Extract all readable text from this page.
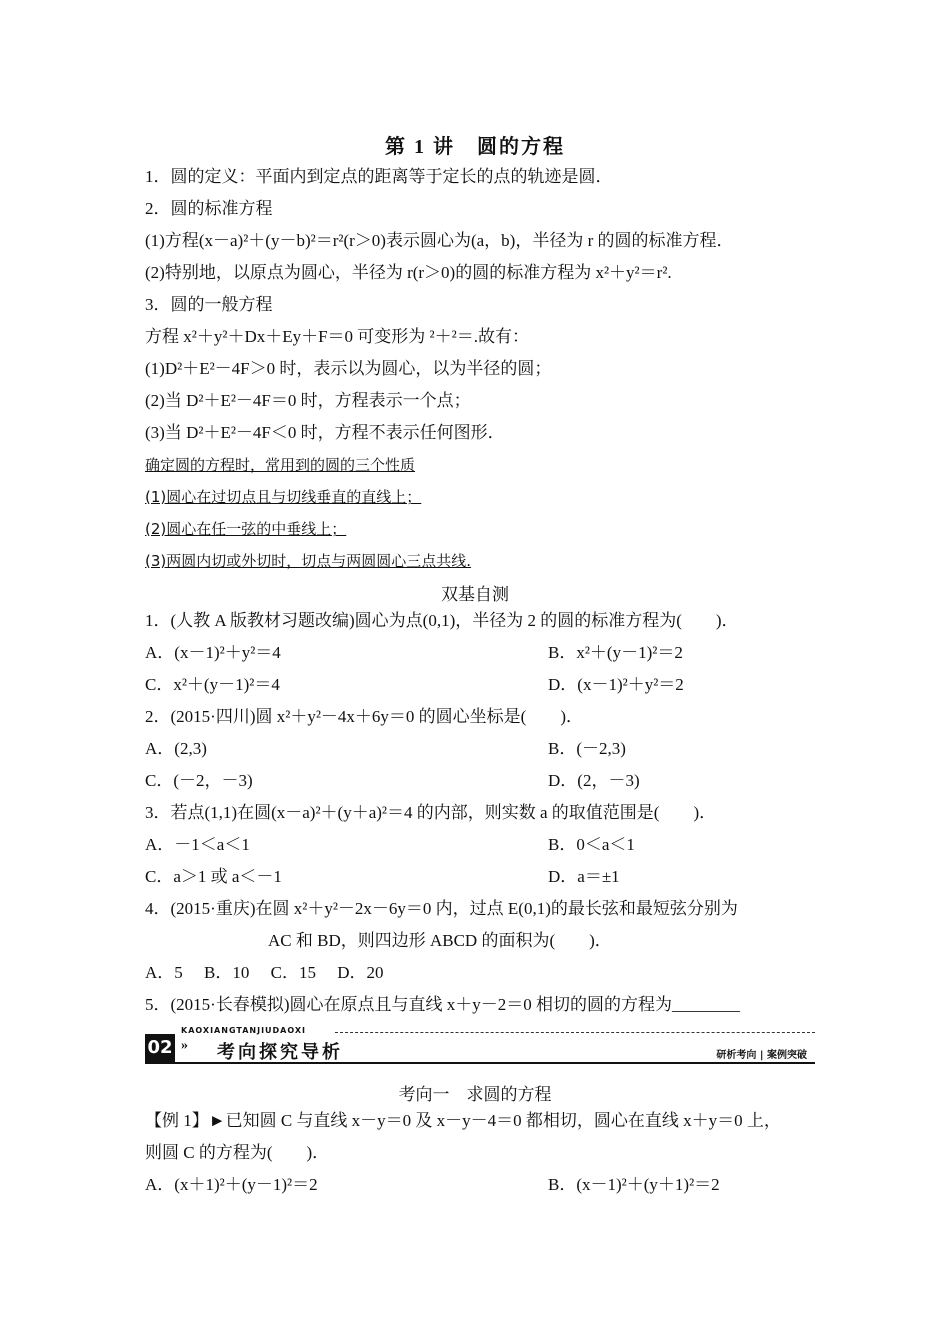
第 1 讲　圆的方程
1．圆的定义：平面内到定点的距离等于定长的点的轨迹是圆．
2．圆的标准方程
(1)方程(x－a)²＋(y－b)²＝r²(r＞0)表示圆心为(a，b)，半径为 r 的圆的标准方程．
(2)特别地，以原点为圆心，半径为 r(r＞0)的圆的标准方程为 x²＋y²＝r².
3．圆的一般方程
方程 x²＋y²＋Dx＋Ey＋F＝0 可变形为 ²＋²＝.故有：
(1)D²＋E²－4F＞0 时，表示以为圆心，以为半径的圆；
(2)当 D²＋E²－4F＝0 时，方程表示一个点；
(3)当 D²＋E²－4F＜0 时，方程不表示任何图形．
确定圆的方程时，常用到的圆的三个性质
(1)圆心在过切点且与切线垂直的直线上；
(2)圆心在任一弦的中垂线上；
(3)两圆内切或外切时，切点与两圆圆心三点共线.
双基自测
1．(人教 A 版教材习题改编)圆心为点(0,1)，半径为 2 的圆的标准方程为(　　)．
A．(x－1)²＋y²＝4	B．x²＋(y－1)²＝2
C．x²＋(y－1)²＝4	D．(x－1)²＋y²＝2
2．(2015·四川)圆 x²＋y²－4x＋6y＝0 的圆心坐标是(　　)．
A．(2,3)	B．(－2,3)
C．(－2，－3)	D．(2，－3)
3．若点(1,1)在圆(x－a)²＋(y＋a)²＝4 的内部，则实数 a 的取值范围是(　　)．
A．－1＜a＜1	B．0＜a＜1
C．a＞1 或 a＜－1	D．a＝±1
4．(2015·重庆)在圆 x²＋y²－2x－6y＝0 内，过点 E(0,1)的最长弦和最短弦分别为
AC 和 BD，则四边形 ABCD 的面积为(　　)．
A．5　 B．10　 C．15　 D．20
5．(2015·长春模拟)圆心在原点且与直线 x＋y－2＝0 相切的圆的方程为________
02
KAOXIANGTANJIUDAOXI
» 考向探究导析	研析考向 | 案例突破
考向一　求圆的方程
【例 1】►已知圆 C 与直线 x－y＝0 及 x－y－4＝0 都相切，圆心在直线 x＋y＝0 上，
则圆 C 的方程为(　　)．
A．(x＋1)²＋(y－1)²＝2	B．(x－1)²＋(y＋1)²＝2
